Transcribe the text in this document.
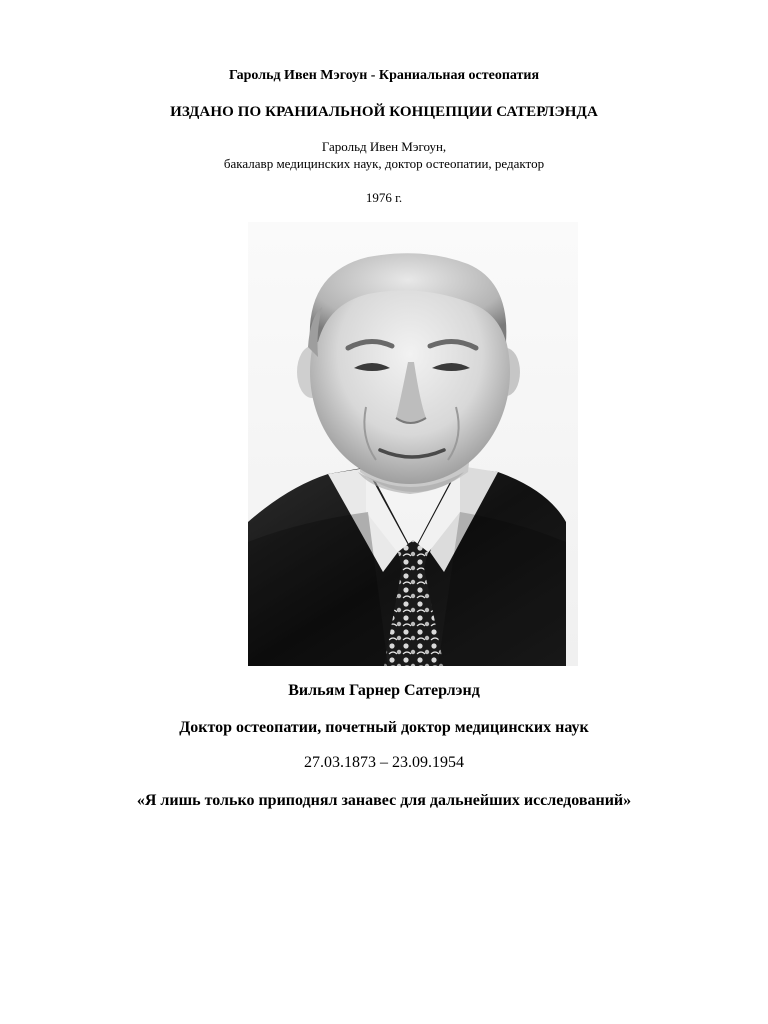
Гарольд Ивен Мэгоун - Краниальная остеопатия
ИЗДАНО ПО КРАНИАЛЬНОЙ КОНЦЕПЦИИ САТЕРЛЭНДА
Гарольд Ивен Мэгоун,
бакалавр медицинских наук, доктор остеопатии, редактор
1976 г.
Вильям Гарнер Сатерлэнд
Доктор остеопатии, почетный доктор медицинских наук
27.03.1873 – 23.09.1954
«Я лишь только приподнял занавес для дальнейших исследований»
